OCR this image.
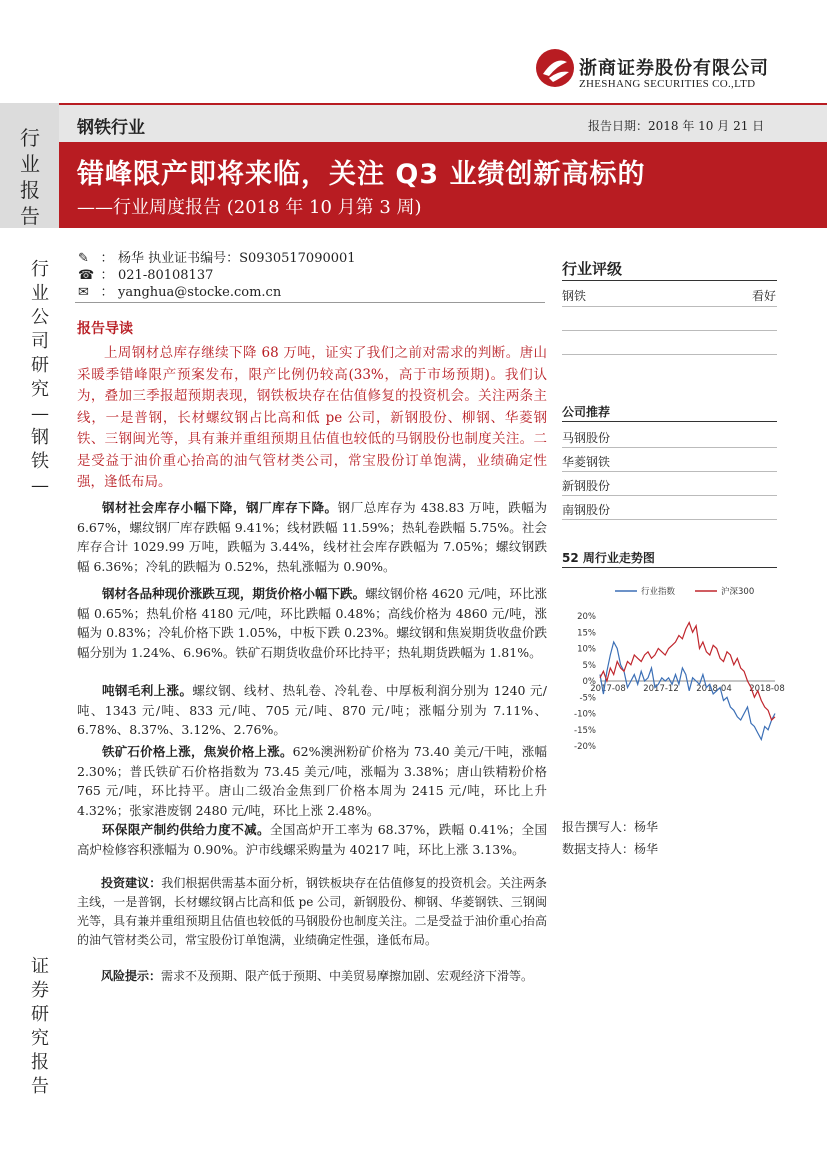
浙商证券股份有限公司
ZHESHANG SECURITIES CO.,LTD
行
业
报
告
钢铁行业	报告日期：2018 年 10 月 21 日
错峰限产即将来临，关注 Q3 业绩创新高标的
——行业周度报告 (2018 年 10 月第 3 周)
行
业
公
司
研
究
—
钢
铁
—
证
券
研
究
报
告
✎ ： 杨华 执业证书编号：S0930517090001
☎ ： 021-80108137
✉ ： yanghua@stocke.com.cn
报告导读
上周钢材总库存继续下降 68 万吨，证实了我们之前对需求的判断。唐山采暖季错峰限产预案发布，限产比例仍较高(33%，高于市场预期)。我们认为，叠加三季报超预期表现，钢铁板块存在估值修复的投资机会。关注两条主线，一是普钢，长材螺纹钢占比高和低 pe 公司，新钢股份、柳钢、华菱钢铁、三钢闽光等，具有兼并重组预期且估值也较低的马钢股份也制度关注。二是受益于油价重心抬高的油气管材类公司，常宝股份订单饱满，业绩确定性强，逢低布局。
钢材社会库存小幅下降，钢厂库存下降。钢厂总库存为 438.83 万吨，跌幅为 6.67%，螺纹钢厂库存跌幅 9.41%；线材跌幅 11.59%；热轧卷跌幅 5.75%。社会库存合计 1029.99 万吨，跌幅为 3.44%，线材社会库存跌幅为 7.05%；螺纹钢跌幅 6.36%；冷轧的跌幅为 0.52%，热轧涨幅为 0.90%。
钢材各品种现价涨跌互现，期货价格小幅下跌。螺纹钢价格 4620 元/吨，环比涨幅 0.65%；热轧价格 4180 元/吨，环比跌幅 0.48%；高线价格为 4860 元/吨，涨幅为 0.83%；冷轧价格下跌 1.05%，中板下跌 0.23%。螺纹钢和焦炭期货收盘价跌幅分别为 1.24%、6.96%。铁矿石期货收盘价环比持平；热轧期货跌幅为 1.81%。
吨钢毛利上涨。螺纹钢、线材、热轧卷、冷轧卷、中厚板利润分别为 1240 元/吨、1343 元/吨、833 元/吨、705 元/吨、870 元/吨；涨幅分别为 7.11%、6.78%、8.37%、3.12%、2.76%。
铁矿石价格上涨，焦炭价格上涨。62%澳洲粉矿价格为 73.40 美元/干吨，涨幅 2.30%；普氏铁矿石价格指数为 73.45 美元/吨，涨幅为 3.38%；唐山铁精粉价格 765 元/吨，环比持平。唐山二级冶金焦到厂价格本周为 2415 元/吨，环比上升 4.32%；张家港废钢 2480 元/吨，环比上涨 2.48%。
环保限产制约供给力度不减。全国高炉开工率为 68.37%，跌幅 0.41%；全国高炉检修容积涨幅为 0.90%。沪市线螺采购量为 40217 吨，环比上涨 3.13%。
投资建议：我们根据供需基本面分析，钢铁板块存在估值修复的投资机会。关注两条主线，一是普钢，长材螺纹钢占比高和低 pe 公司，新钢股份、柳钢、华菱钢铁、三钢闽光等，具有兼并重组预期且估值也较低的马钢股份也制度关注。二是受益于油价重心抬高的油气管材类公司，常宝股份订单饱满，业绩确定性强，逢低布局。
风险提示：需求不及预期、限产低于预期、中美贸易摩擦加剧、宏观经济下滑等。
行业评级
钢铁	看好
公司推荐
马钢股份
华菱钢铁
新钢股份
南钢股份
52 周行业走势图
行业指数	沪深300
20%
15%
10%
5%
0%
-5%
-10%
-15%
-20%
2017-08 2017-12 2018-04 2018-08
报告撰写人：杨华
数据支持人：杨华
